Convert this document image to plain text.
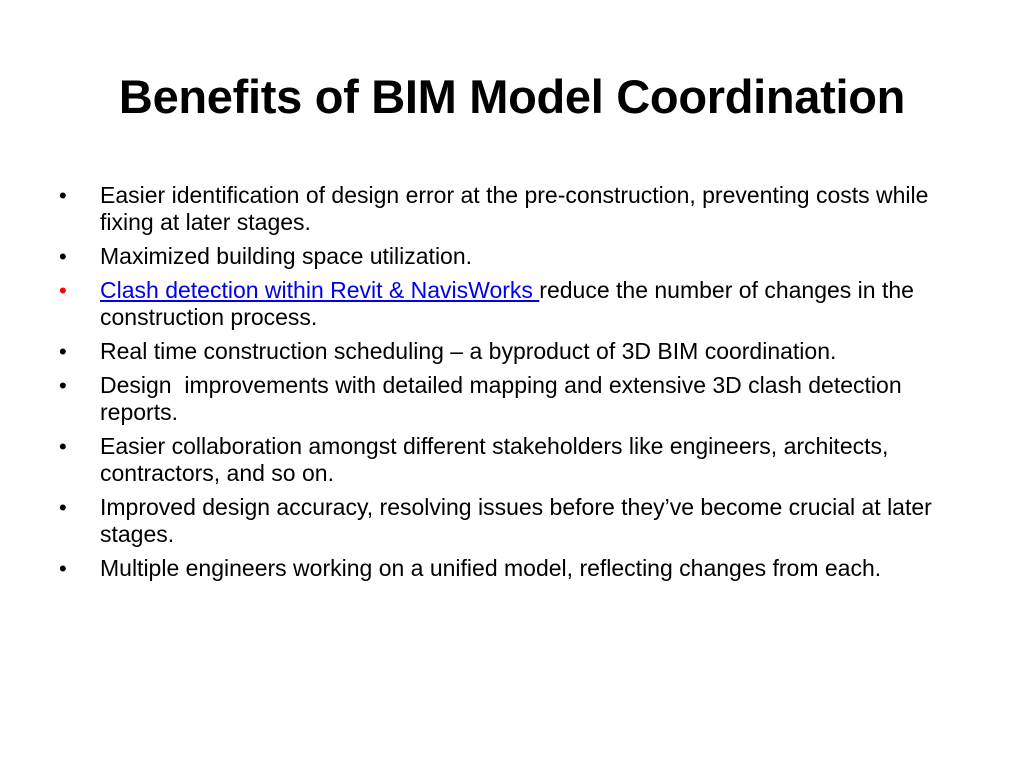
Benefits of BIM Model Coordination
•	Easier identification of design error at the pre-construction, preventing costs while fixing at later stages.
•	Maximized building space utilization.
•	Clash detection within Revit & NavisWorks reduce the number of changes in the construction process.
•	Real time construction scheduling – a byproduct of 3D BIM coordination.
•	Design  improvements with detailed mapping and extensive 3D clash detection reports.
•	Easier collaboration amongst different stakeholders like engineers, architects, contractors, and so on.
•	Improved design accuracy, resolving issues before they’ve become crucial at later stages.
•	Multiple engineers working on a unified model, reflecting changes from each.
